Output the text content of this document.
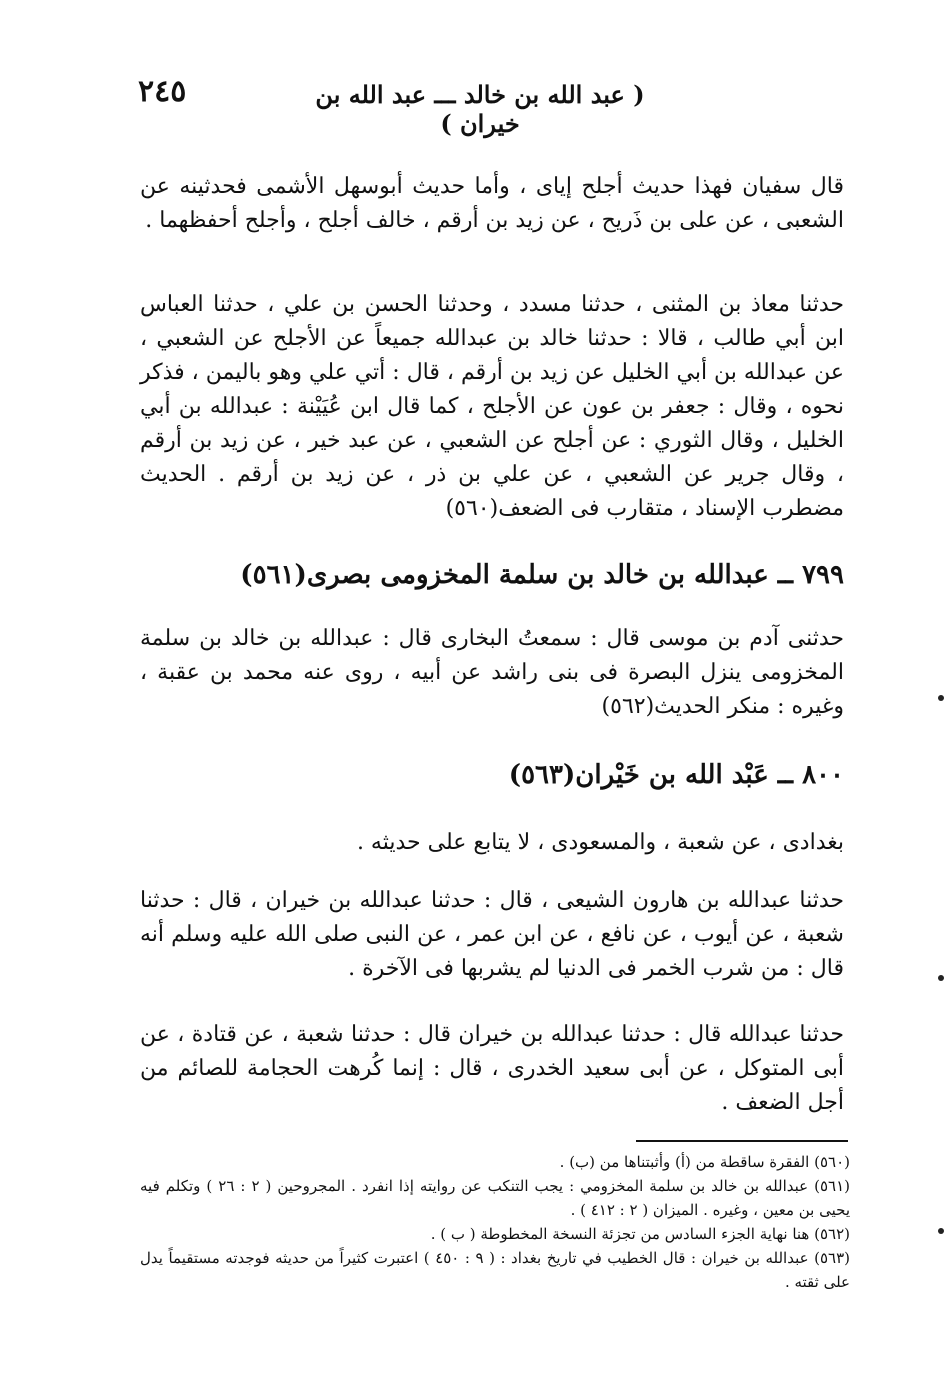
٢٤٥	( عبد الله بن خالد ـــ عبد الله بن خيران )

قال سفيان فهذا حديث أجلح إياى ، وأما حديث أبوسهل الأشمى فحدثينه عن الشعبى ، عن على بن ذَريح ، عن زيد بن أرقم ، خالف أجلح ، وأجلح أحفظهما .

حدثنا معاذ بن المثنى ، حدثنا مسدد ، وحدثنا الحسن بن علي ، حدثنا العباس ابن أبي طالب ، قالا : حدثنا خالد بن عبدالله جميعاً عن الأجلح عن الشعبي ، عن عبدالله بن أبي الخليل عن زيد بن أرقم ، قال : أتي علي وهو باليمن ، فذكر نحوه ، وقال : جعفر بن عون عن الأجلح ، كما قال ابن عُيَيْنة : عبدالله بن أبي الخليل ، وقال الثوري : عن أجلح عن الشعبي ، عن عبد خير ، عن زيد بن أرقم ، وقال جرير عن الشعبي ، عن علي بن ذر ، عن زيد بن أرقم . الحديث مضطرب الإسناد ، متقارب فى الضعف(٥٦٠)

٧٩٩ ــ عبدالله بن خالد بن سلمة المخزومى بصرى(٥٦١)

حدثنى آدم بن موسى قال : سمعتُ البخارى قال : عبدالله بن خالد بن سلمة المخزومى ينزل البصرة فى بنى راشد عن أبيه ، روى عنه محمد بن عقبة ، وغيره : منكر الحديث(٥٦٢)

٨٠٠ ــ عَبْد الله بن خَيْران(٥٦٣)

بغدادى ، عن شعبة ، والمسعودى ، لا يتابع على حديثه .

حدثنا عبدالله بن هارون الشيعى ، قال : حدثنا عبدالله بن خيران ، قال : حدثنا شعبة ، عن أيوب ، عن نافع ، عن ابن عمر ، عن النبى صلى الله عليه وسلم أنه قال : من شرب الخمر فى الدنيا لم يشربها فى الآخرة .

حدثنا عبدالله قال : حدثنا عبدالله بن خيران قال : حدثنا شعبة ، عن قتادة ، عن أبى المتوكل ، عن أبى سعيد الخدرى ، قال : إنما كُرهت الحجامة للصائم من أجل الضعف .

(٥٦٠) الفقرة ساقطة من (أ) وأثبتناها من (ب) .

(٥٦١) عبدالله بن خالد بن سلمة المخزومي : يجب التنكب عن روايته إذا انفرد . المجروحين ( ٢ : ٢٦ ) وتكلم فيه يحيى بن معين ، وغيره . الميزان ( ٢ : ٤١٢ ) .

(٥٦٢) هنا نهاية الجزء السادس من تجزئة النسخة المخطوطة ( ب ) .

(٥٦٣) عبدالله بن خيران : قال الخطيب في تاريخ بغداد : ( ٩ : ٤٥٠ ) اعتبرت كثيراً من حديثه فوجدته مستقيماً يدل على ثقته .
